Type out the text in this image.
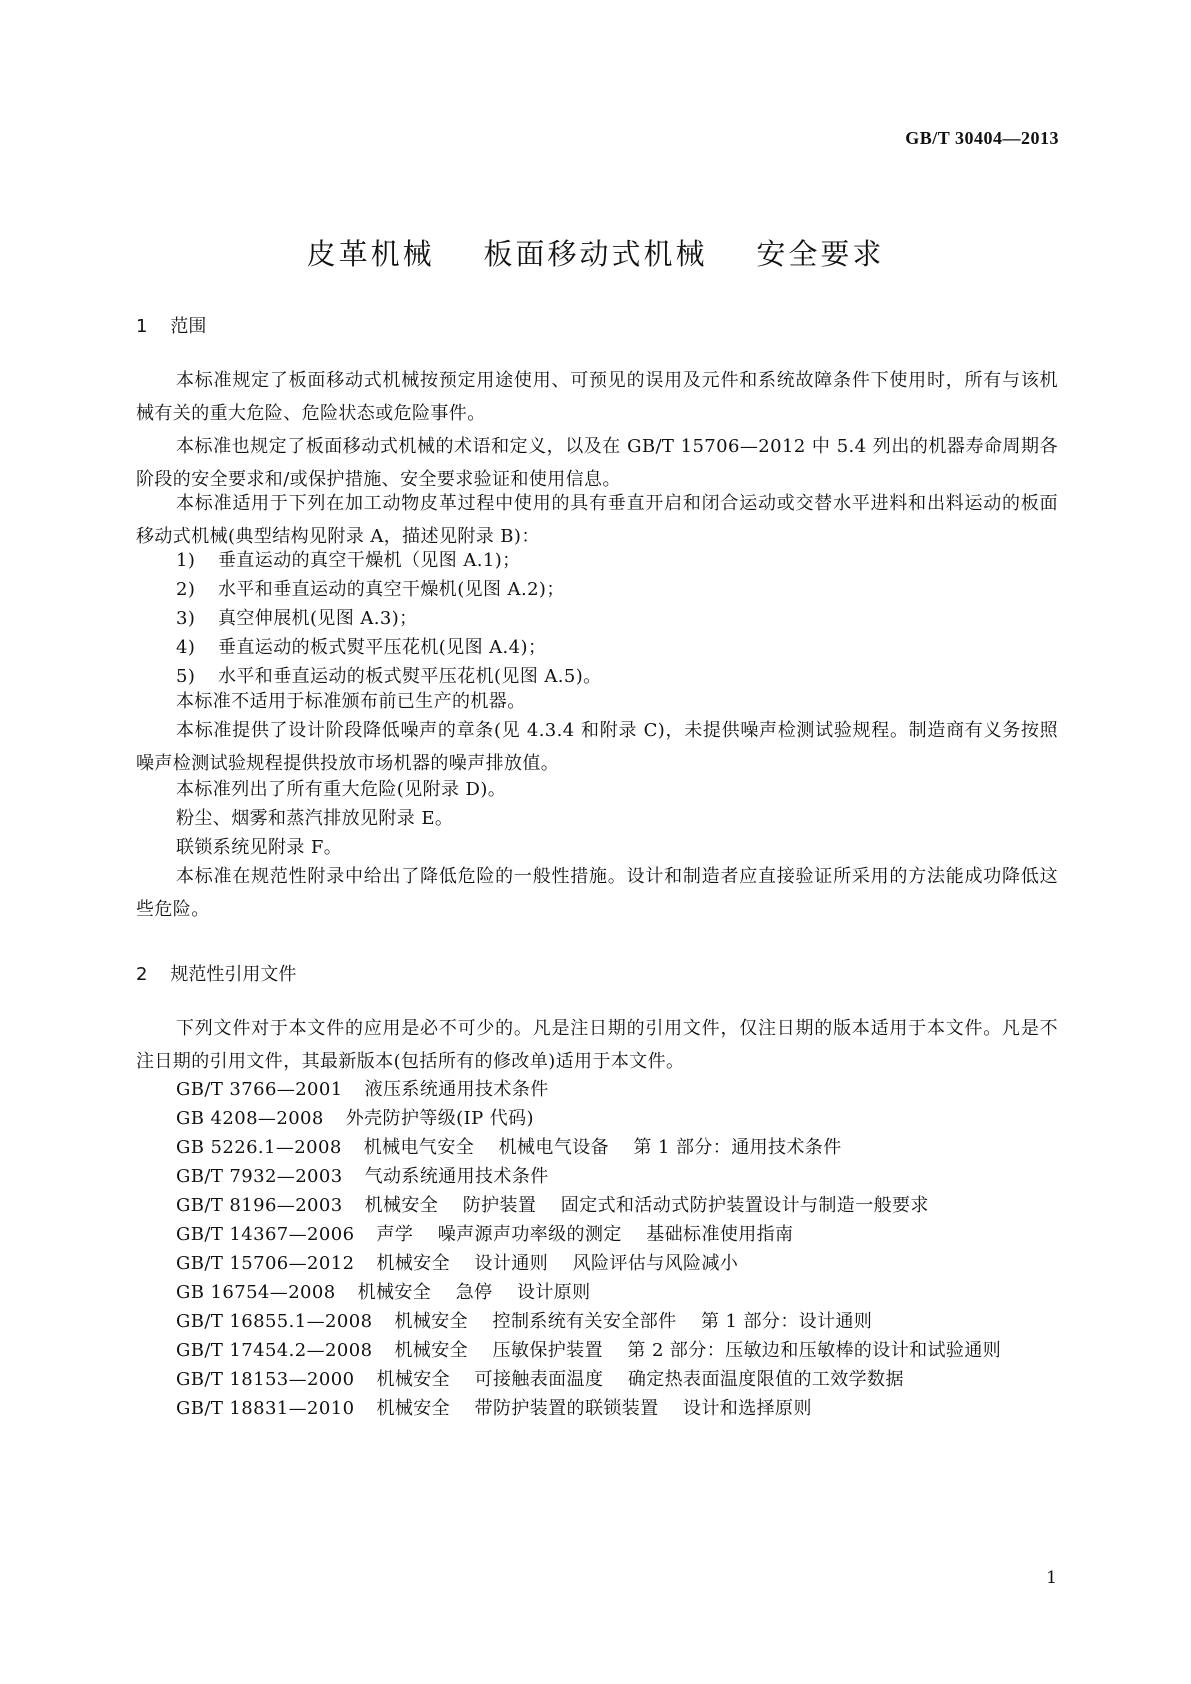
GB/T 30404—2013
皮革机械    板面移动式机械    安全要求
1    范围
本标准规定了板面移动式机械按预定用途使用、可预见的误用及元件和系统故障条件下使用时，所有与该机械有关的重大危险、危险状态或危险事件。
本标准也规定了板面移动式机械的术语和定义，以及在 GB/T 15706—2012 中 5.4 列出的机器寿命周期各阶段的安全要求和/或保护措施、安全要求验证和使用信息。
本标准适用于下列在加工动物皮革过程中使用的具有垂直开启和闭合运动或交替水平进料和出料运动的板面移动式机械(典型结构见附录 A，描述见附录 B)：
1) 垂直运动的真空干燥机（见图 A.1)；
2) 水平和垂直运动的真空干燥机(见图 A.2)；
3) 真空伸展机(见图 A.3)；
4) 垂直运动的板式熨平压花机(见图 A.4)；
5) 水平和垂直运动的板式熨平压花机(见图 A.5)。
本标准不适用于标准颁布前已生产的机器。
本标准提供了设计阶段降低噪声的章条(见 4.3.4 和附录 C)，未提供噪声检测试验规程。制造商有义务按照噪声检测试验规程提供投放市场机器的噪声排放值。
本标准列出了所有重大危险(见附录 D)。
粉尘、烟雾和蒸汽排放见附录 E。
联锁系统见附录 F。
本标准在规范性附录中给出了降低危险的一般性措施。设计和制造者应直接验证所采用的方法能成功降低这些危险。
2    规范性引用文件
下列文件对于本文件的应用是必不可少的。凡是注日期的引用文件，仅注日期的版本适用于本文件。凡是不注日期的引用文件，其最新版本(包括所有的修改单)适用于本文件。
GB/T 3766—2001 液压系统通用技术条件
GB 4208—2008 外壳防护等级(IP 代码)
GB 5226.1—2008 机械电气安全    机械电气设备    第 1 部分：通用技术条件
GB/T 7932—2003 气动系统通用技术条件
GB/T 8196—2003 机械安全    防护装置    固定式和活动式防护装置设计与制造一般要求
GB/T 14367—2006 声学    噪声源声功率级的测定    基础标准使用指南
GB/T 15706—2012 机械安全    设计通则    风险评估与风险减小
GB 16754—2008 机械安全    急停    设计原则
GB/T 16855.1—2008 机械安全    控制系统有关安全部件    第 1 部分：设计通则
GB/T 17454.2—2008 机械安全    压敏保护装置    第 2 部分：压敏边和压敏棒的设计和试验通则
GB/T 18153—2000 机械安全    可接触表面温度    确定热表面温度限值的工效学数据
GB/T 18831—2010 机械安全    带防护装置的联锁装置    设计和选择原则
1
